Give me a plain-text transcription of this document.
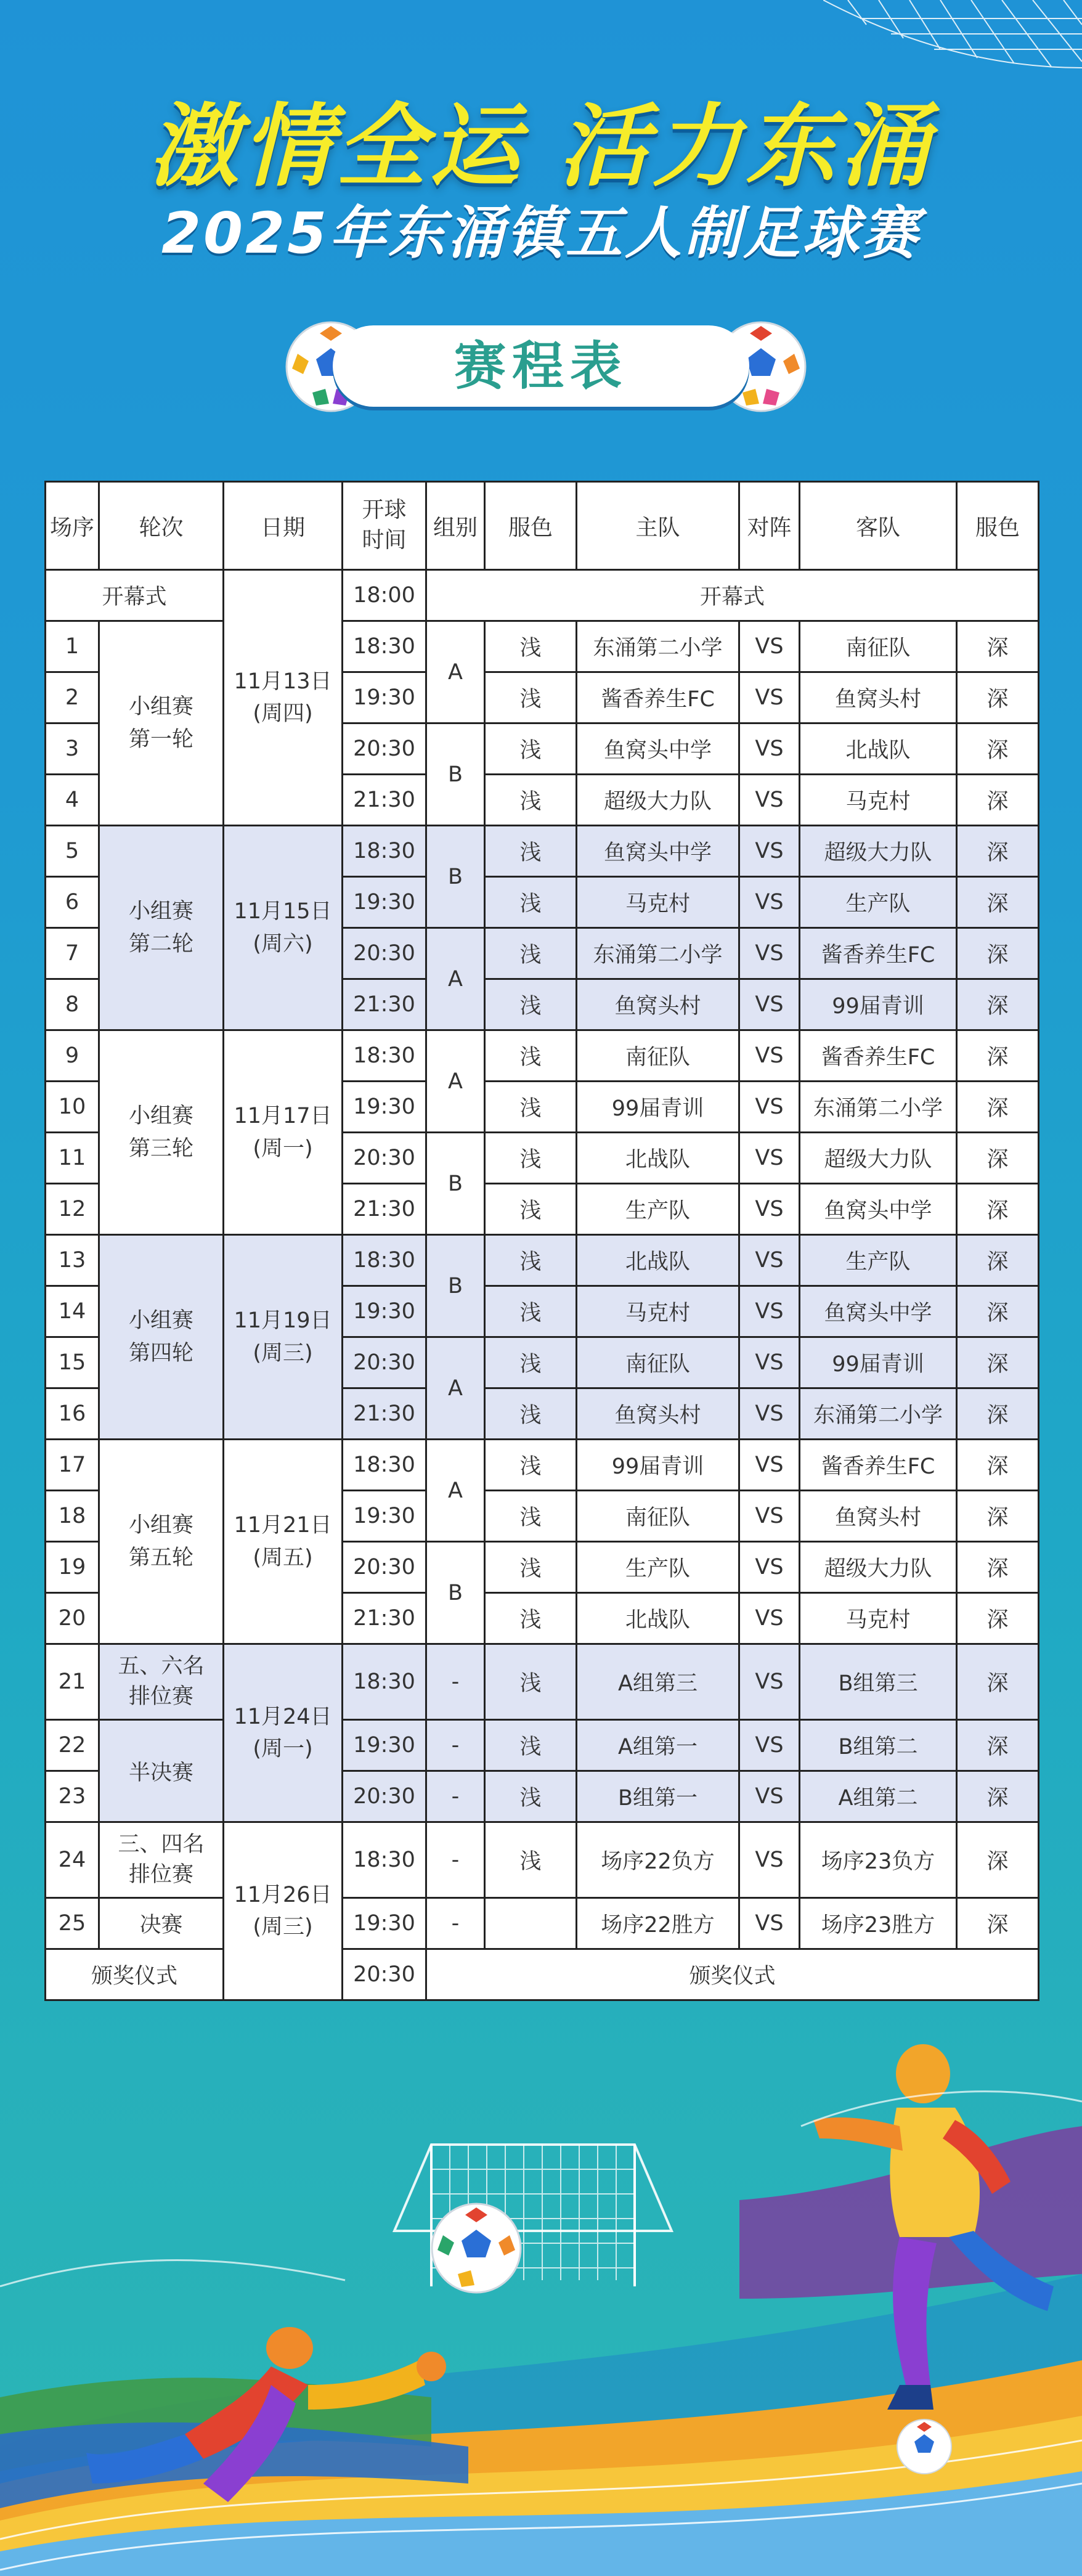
激情全运 活力东涌
2025年东涌镇五人制足球赛
赛程表
场序	轮次	日期	开球时间	组别	服色	主队	对阵	客队	服色
开幕式		11月13日(周四)	18:00	开幕式					
1	小组赛第一轮		18:30	A	浅	东涌第二小学	VS	南征队	深
2			19:30		浅	酱香养生FC	VS	鱼窝头村	深
3			20:30	B	浅	鱼窝头中学	VS	北战队	深
4			21:30		浅	超级大力队	VS	马克村	深
5	小组赛第二轮	11月15日(周六)	18:30	B	浅	鱼窝头中学	VS	超级大力队	深
6			19:30		浅	马克村	VS	生产队	深
7			20:30	A	浅	东涌第二小学	VS	酱香养生FC	深
8			21:30		浅	鱼窝头村	VS	99届青训	深
9	小组赛第三轮	11月17日(周一)	18:30	A	浅	南征队	VS	酱香养生FC	深
10			19:30		浅	99届青训	VS	东涌第二小学	深
11			20:30	B	浅	北战队	VS	超级大力队	深
12			21:30		浅	生产队	VS	鱼窝头中学	深
13	小组赛第四轮	11月19日(周三)	18:30	B	浅	北战队	VS	生产队	深
14			19:30		浅	马克村	VS	鱼窝头中学	深
15			20:30	A	浅	南征队	VS	99届青训	深
16			21:30		浅	鱼窝头村	VS	东涌第二小学	深
17	小组赛第五轮	11月21日(周五)	18:30	A	浅	99届青训	VS	酱香养生FC	深
18			19:30		浅	南征队	VS	鱼窝头村	深
19			20:30	B	浅	生产队	VS	超级大力队	深
20			21:30		浅	北战队	VS	马克村	深
21	五、六名排位赛	11月24日(周一)	18:30	-	浅	A组第三	VS	B组第三	深
22	半决赛		19:30	-	浅	A组第一	VS	B组第二	深
23			20:30	-	浅	B组第一	VS	A组第二	深
24	三、四名排位赛	11月26日(周三)	18:30	-	浅	场序22负方	VS	场序23负方	深
25	决赛		19:30	-		场序22胜方	VS	场序23胜方	深
颁奖仪式			20:30	颁奖仪式					
